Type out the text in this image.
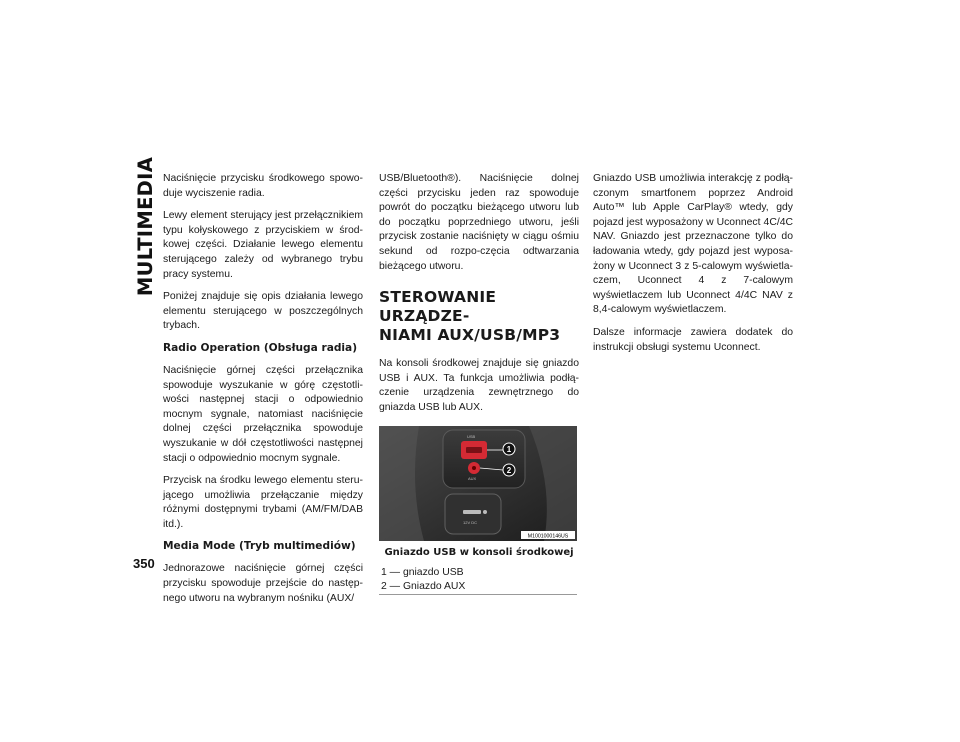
MULTIMEDIA Naciśnięcie przycisku środkowego spowo-duje wyciszenie radia.

Lewy element sterujący jest przełącznikiem typu kołyskowego z przyciskiem w środ-kowej części. Działanie lewego elementu sterującego zależy od wybranego trybu pracy systemu.

Poniżej znajduje się opis działania lewego elementu sterującego w poszczególnych trybach.

Radio Operation (Obsługa radia)

Naciśnięcie górnej części przełącznika spowoduje wyszukanie w górę częstotli-wości następnej stacji o odpowiednio mocnym sygnale, natomiast naciśnięcie dolnej części przełącznika spowoduje wyszukanie w dół częstotliwości następnej stacji o odpowiednio mocnym sygnale.

Przycisk na środku lewego elementu steru-jącego umożliwia przełączanie między różnymi dostępnymi trybami (AM/FM/DAB itd.).

Media Mode (Tryb multimediów)

Jednorazowe naciśnięcie górnej części przycisku spowoduje przejście do następ-nego utworu na wybranym nośniku (AUX/

USB/Bluetooth®). Naciśnięcie dolnej części przycisku jeden raz spowoduje powrót do początku bieżącego utworu lub do początku poprzedniego utworu, jeśli przycisk zostanie naciśnięty w ciągu ośmiu sekund od rozpo-częcia odtwarzania bieżącego utworu.

STEROWANIE URZĄDZE-
NIAMI AUX/USB/MP3

Na konsoli środkowej znajduje się gniazdo USB i AUX. Ta funkcja umożliwia podłą-czenie urządzenia zewnętrznego do gniazda USB lub AUX.

USB
AUX
12V DC
1
2
M1001000146US
Gniazdo USB w konsoli środkowej
1 — gniazdo USB
2 — Gniazdo AUX

Gniazdo USB umożliwia interakcję z podłą-czonym smartfonem poprzez Android Auto™ lub Apple CarPlay® wtedy, gdy pojazd jest wyposażony w Uconnect 4C/4C NAV. Gniazdo jest przeznaczone tylko do ładowania wtedy, gdy pojazd jest wyposa-żony w Uconnect 3 z 5-calowym wyświetla-czem, Uconnect 4 z 7-calowym wyświetlaczem lub Uconnect 4/4C NAV z 8,4-calowym wyświetlaczem.

Dalsze informacje zawiera dodatek do instrukcji obsługi systemu Uconnect.

350
